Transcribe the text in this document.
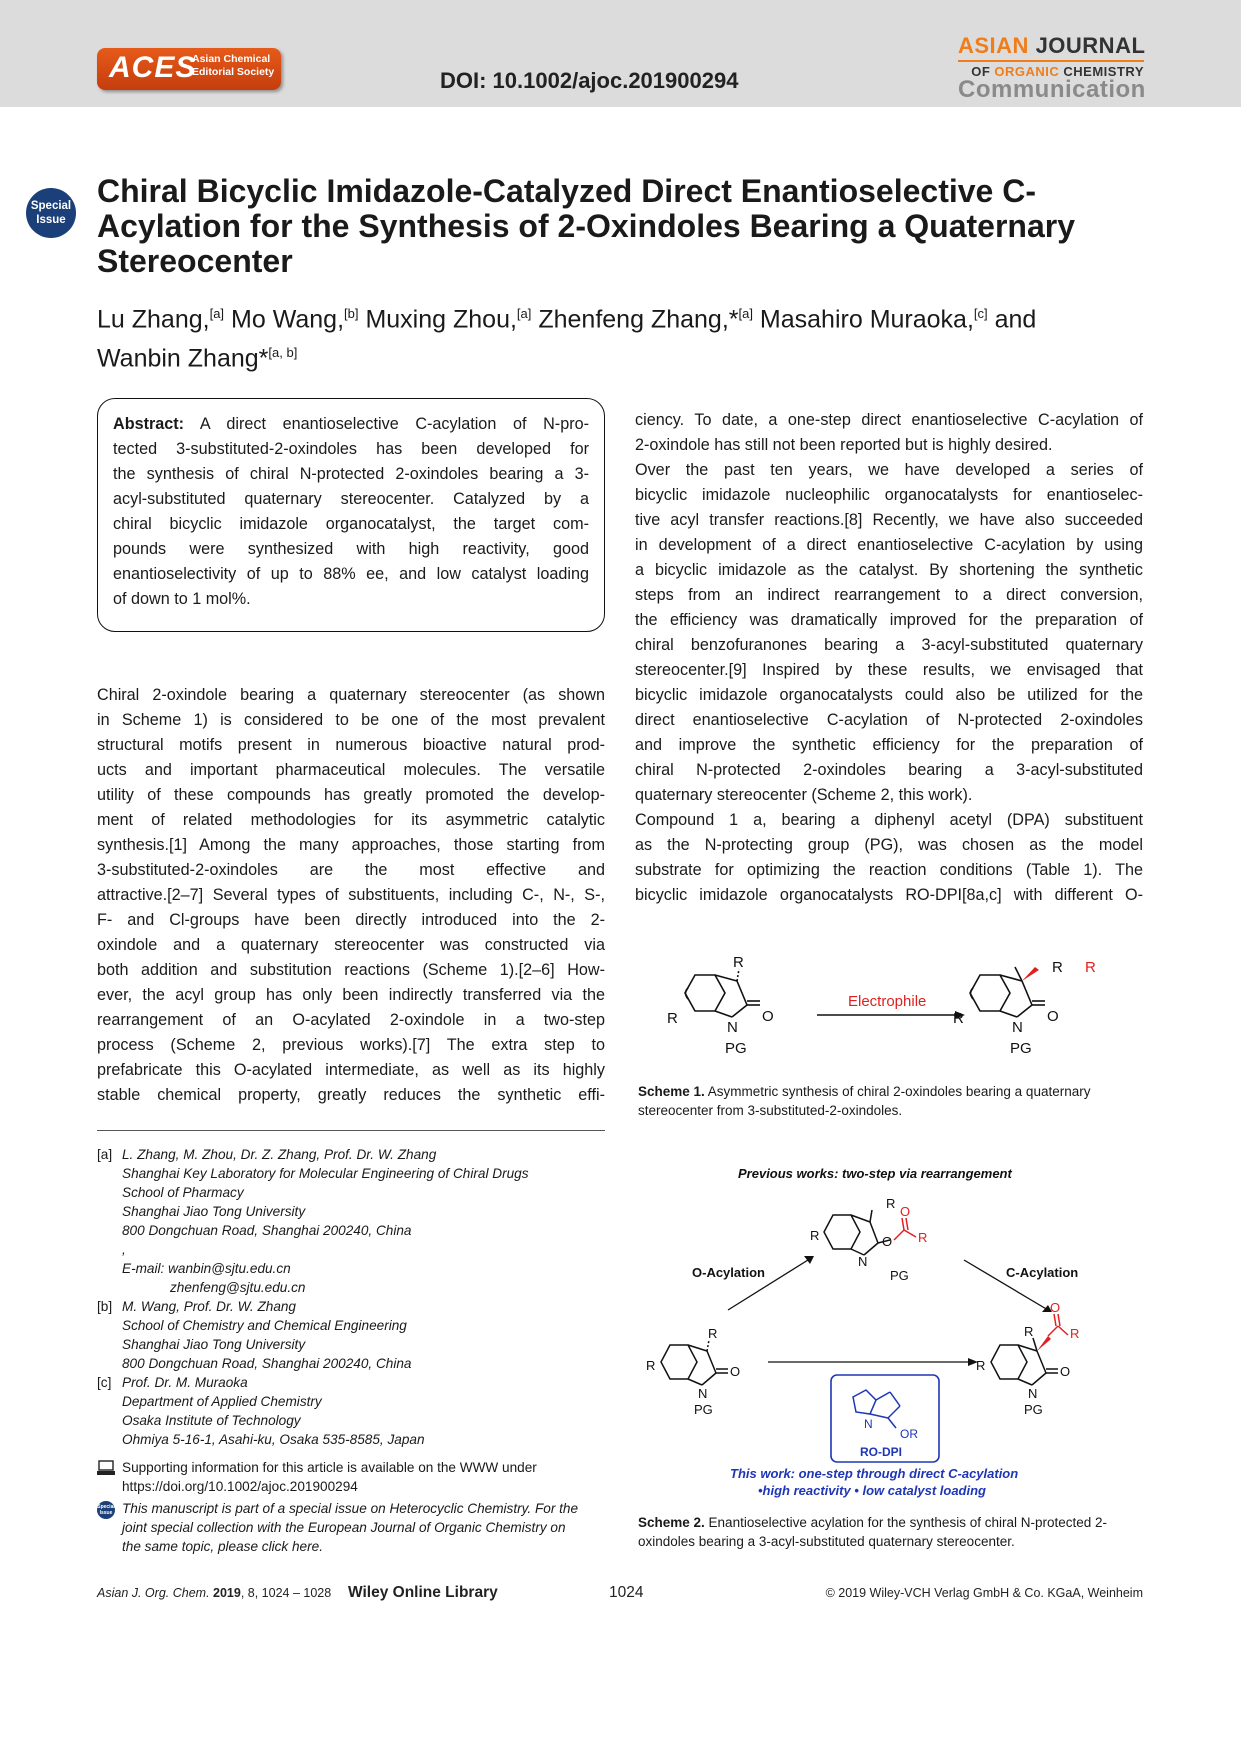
ACES
Asian Chemical Editorial Society	DOI: 10.1002/ajoc.201900294
ASIAN JOURNAL
OF ORGANIC CHEMISTRY
Communication
Special
Issue
Chiral Bicyclic Imidazole-Catalyzed Direct Enantioselective C-
Acylation for the Synthesis of 2-Oxindoles Bearing a Quaternary
Stereocenter
Lu Zhang,[a] Mo Wang,[b] Muxing Zhou,[a] Zhenfeng Zhang,*[a] Masahiro Muraoka,[c] and
Wanbin Zhang*[a, b]
Abstract: A direct enantioselective C-acylation of N-pro-
tected 3-substituted-2-oxindoles has been developed for
the synthesis of chiral N-protected 2-oxindoles bearing a 3-
acyl-substituted quaternary stereocenter. Catalyzed by a
chiral bicyclic imidazole organocatalyst, the target com-
pounds were synthesized with high reactivity, good
enantioselectivity of up to 88% ee, and low catalyst loading
of down to 1 mol%.
Chiral 2-oxindole bearing a quaternary stereocenter (as shown
in Scheme 1) is considered to be one of the most prevalent
structural motifs present in numerous bioactive natural prod-
ucts and important pharmaceutical molecules. The versatile
utility of these compounds has greatly promoted the develop-
ment of related methodologies for its asymmetric catalytic
synthesis.[1] Among the many approaches, those starting from
3-substituted-2-oxindoles are the most effective and
attractive.[2–7] Several types of substituents, including C-, N-, S-,
F- and Cl-groups have been directly introduced into the 2-
oxindole and a quaternary stereocenter was constructed via
both addition and substitution reactions (Scheme 1).[2–6] How-
ever, the acyl group has only been indirectly transferred via the
rearrangement of an O-acylated 2-oxindole in a two-step
process (Scheme 2, previous works).[7] The extra step to
prefabricate this O-acylated intermediate, as well as its highly
stable chemical property, greatly reduces the synthetic effi-
ciency. To date, a one-step direct enantioselective C-acylation of
2-oxindole has still not been reported but is highly desired.
Over the past ten years, we have developed a series of
bicyclic imidazole nucleophilic organocatalysts for enantioselec-
tive acyl transfer reactions.[8] Recently, we have also succeeded
in development of a direct enantioselective C-acylation by using
a bicyclic imidazole as the catalyst. By shortening the synthetic
steps from an indirect rearrangement to a direct conversion,
the efficiency was dramatically improved for the preparation of
chiral benzofuranones bearing a 3-acyl-substituted quaternary
stereocenter.[9] Inspired by these results, we envisaged that
bicyclic imidazole organocatalysts could also be utilized for the
direct enantioselective C-acylation of N-protected 2-oxindoles
and improve the synthetic efficiency for the preparation of
chiral N-protected 2-oxindoles bearing a 3-acyl-substituted
quaternary stereocenter (Scheme 2, this work).
Compound 1 a, bearing a diphenyl acetyl (DPA) substituent
as the N-protecting group (PG), was chosen as the model
substrate for optimizing the reaction conditions (Table 1). The
bicyclic imidazole organocatalysts RO-DPI[8a,c] with different O-
Electrophile
R
R
O
N
PG
R
R R
O
N
PG
Scheme 1. Asymmetric synthesis of chiral 2-oxindoles bearing a quaternary stereocenter from 3-substituted-2-oxindoles.
Previous works: two-step via rearrangement
N
OR
RO-DPI
O-Acylation	C-Acylation
R
R
O
O
R
N
PG
R
R
O
N
PG
R
R
O
R
O
N
PG
This work: one-step through direct C-acylation
•high reactivity • low catalyst loading
Scheme 2. Enantioselective acylation for the synthesis of chiral N-protected 2-oxindoles bearing a 3-acyl-substituted quaternary stereocenter.
[a] L. Zhang, M. Zhou, Dr. Z. Zhang, Prof. Dr. W. Zhang
Shanghai Key Laboratory for Molecular Engineering of Chiral Drugs
School of Pharmacy
Shanghai Jiao Tong University
800 Dongchuan Road, Shanghai 200240, China
,
E-mail: wanbin@sjtu.edu.cn
zhenfeng@sjtu.edu.cn
[b] M. Wang, Prof. Dr. W. Zhang
School of Chemistry and Chemical Engineering
Shanghai Jiao Tong University
800 Dongchuan Road, Shanghai 200240, China
[c] Prof. Dr. M. Muraoka
Department of Applied Chemistry
Osaka Institute of Technology
Ohmiya 5-16-1, Asahi-ku, Osaka 535-8585, Japan
Supporting information for this article is available on the WWW under
https://doi.org/10.1002/ajoc.201900294
Special
Issue This manuscript is part of a special issue on Heterocyclic Chemistry. For the
joint special collection with the European Journal of Organic Chemistry on
the same topic, please click here.
Asian J. Org. Chem. 2019, 8, 1024 – 1028 Wiley Online Library	1024	© 2019 Wiley-VCH Verlag GmbH & Co. KGaA, Weinheim
